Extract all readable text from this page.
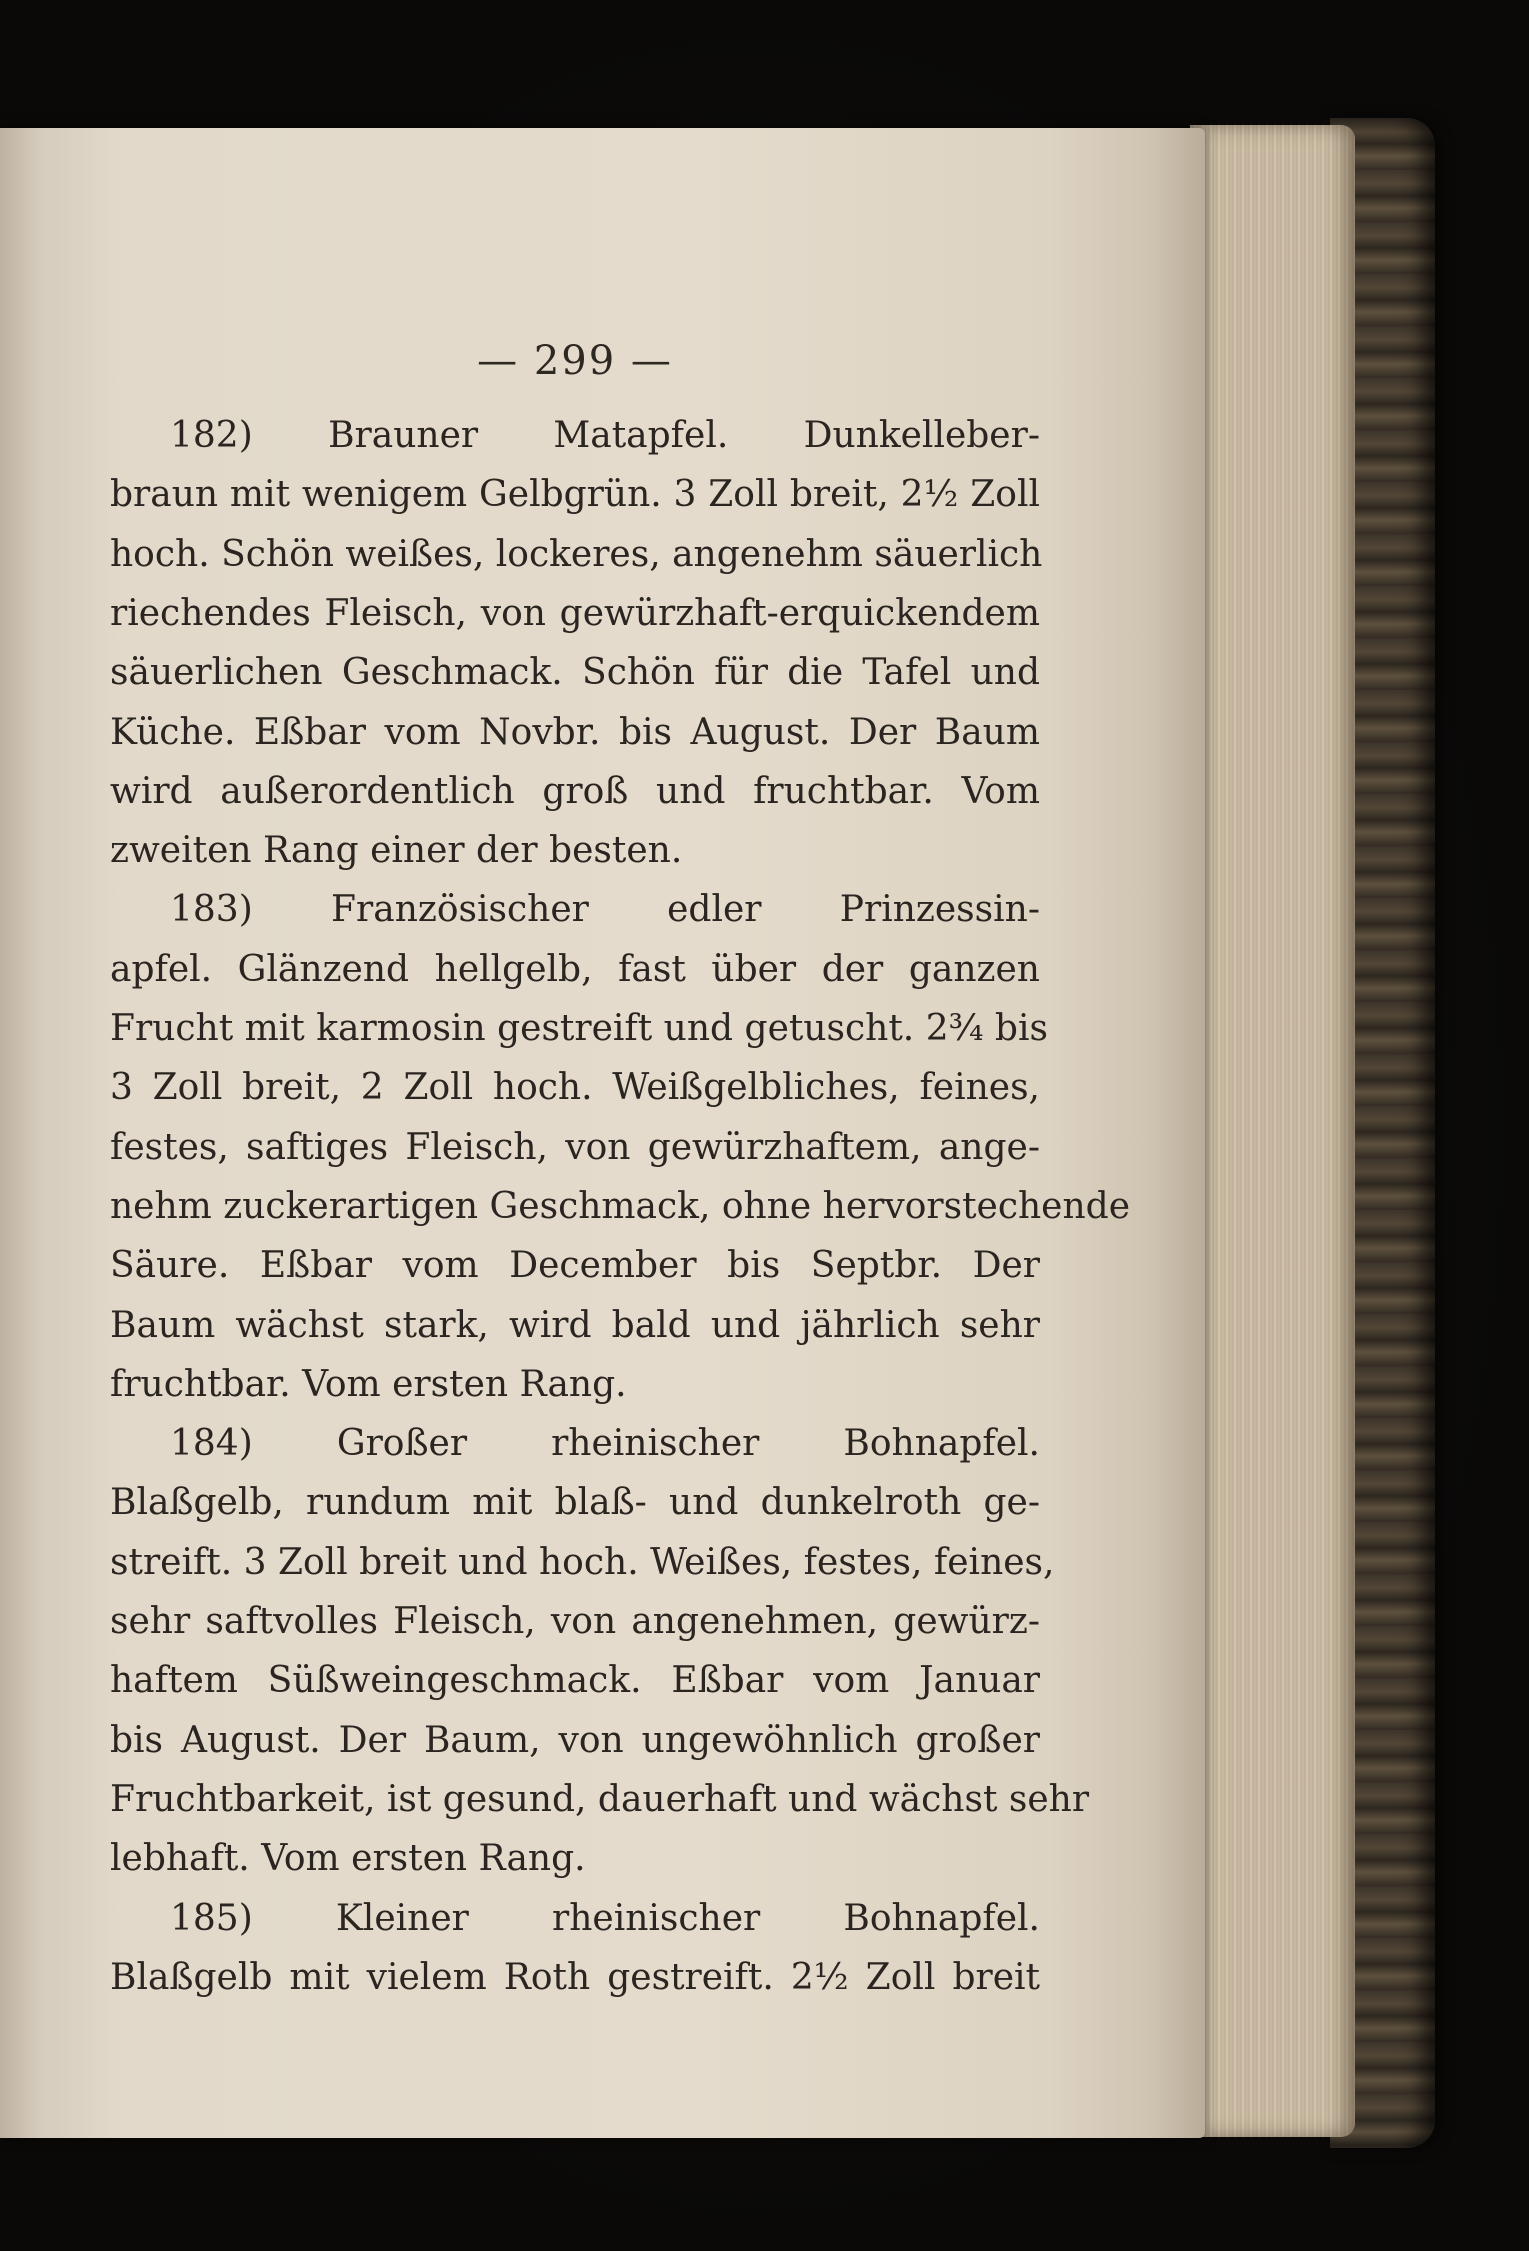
— 299 —
182) Brauner Matapfel. Dunkelleber-
braun mit wenigem Gelbgrün. 3 Zoll breit, 2½ Zoll
hoch. Schön weißes, lockeres, angenehm säuerlich
riechendes Fleisch, von gewürzhaft-erquickendem
säuerlichen Geschmack. Schön für die Tafel und
Küche. Eßbar vom Novbr. bis August. Der Baum
wird außerordentlich groß und fruchtbar. Vom
zweiten Rang einer der besten.
183) Französischer edler Prinzessin-
apfel. Glänzend hellgelb, fast über der ganzen
Frucht mit karmosin gestreift und getuscht. 2¾ bis
3 Zoll breit, 2 Zoll hoch. Weißgelbliches, feines,
festes, saftiges Fleisch, von gewürzhaftem, ange-
nehm zuckerartigen Geschmack, ohne hervorstechende
Säure. Eßbar vom December bis Septbr. Der
Baum wächst stark, wird bald und jährlich sehr
fruchtbar. Vom ersten Rang.
184) Großer rheinischer Bohnapfel.
Blaßgelb, rundum mit blaß- und dunkelroth ge-
streift. 3 Zoll breit und hoch. Weißes, festes, feines,
sehr saftvolles Fleisch, von angenehmen, gewürz-
haftem Süßweingeschmack. Eßbar vom Januar
bis August. Der Baum, von ungewöhnlich großer
Fruchtbarkeit, ist gesund, dauerhaft und wächst sehr
lebhaft. Vom ersten Rang.
185) Kleiner rheinischer Bohnapfel.
Blaßgelb mit vielem Roth gestreift. 2½ Zoll breit
